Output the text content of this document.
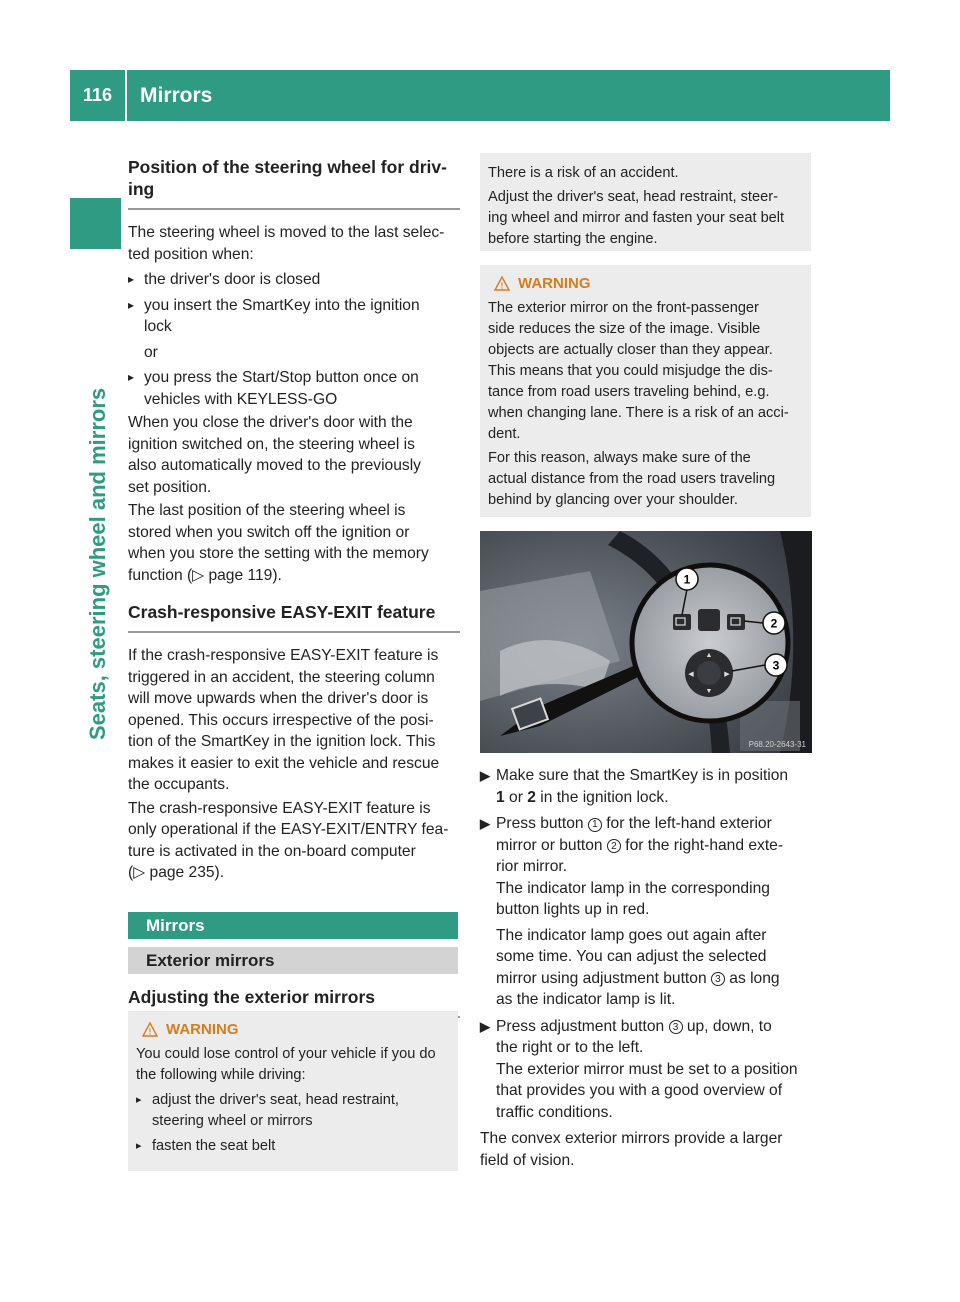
116	Mirrors
Seats, steering wheel and mirrors
Position of the steering wheel for driv-
ing

The steering wheel is moved to the last selec-

ted position when:

▸ the driver's door is closed
▸ you insert the SmartKey into the ignition
lock

or

▸ you press the Start/Stop button once on
vehicles with KEYLESS-GO

When you close the driver's door with the

ignition switched on, the steering wheel is

also automatically moved to the previously

set position.

The last position of the steering wheel is

stored when you switch off the ignition or

when you store the setting with the memory

function (▷ page 119).

Crash-responsive EASY-EXIT feature

If the crash-responsive EASY-EXIT feature is

triggered in an accident, the steering column

will move upwards when the driver's door is

opened. This occurs irrespective of the posi-

tion of the SmartKey in the ignition lock. This

makes it easier to exit the vehicle and rescue

the occupants.

The crash-responsive EASY-EXIT feature is

only operational if the EASY-EXIT/ENTRY fea-

ture is activated in the on-board computer

(▷ page 235).

Mirrors
Exterior mirrors
Adjusting the exterior mirrors
! WARNING

You could lose control of your vehicle if you do

the following while driving:

▸ adjust the driver's seat, head restraint,
steering wheel or mirrors
▸ fasten the seat belt

There is a risk of an accident.

Adjust the driver's seat, head restraint, steer-

ing wheel and mirror and fasten your seat belt

before starting the engine.

! WARNING

The exterior mirror on the front-passenger

side reduces the size of the image. Visible

objects are actually closer than they appear.

This means that you could misjudge the dis-

tance from road users traveling behind, e.g.

when changing lane. There is a risk of an acci-

dent.

For this reason, always make sure of the

actual distance from the road users traveling

behind by glancing over your shoulder.

▲
▼
◀	▶
1
2
3
P68.20-2643-31
▶ Make sure that the SmartKey is in position
1 or 2 in the ignition lock.
▶ Press button 1 for the left-hand exterior
mirror or button 2 for the right-hand exte-
rior mirror.
The indicator lamp in the corresponding
button lights up in red.
The indicator lamp goes out again after
some time. You can adjust the selected
mirror using adjustment button 3 as long
as the indicator lamp is lit.
▶ Press adjustment button 3 up, down, to
the right or to the left.
The exterior mirror must be set to a position
that provides you with a good overview of
traffic conditions.

The convex exterior mirrors provide a larger

field of vision.
